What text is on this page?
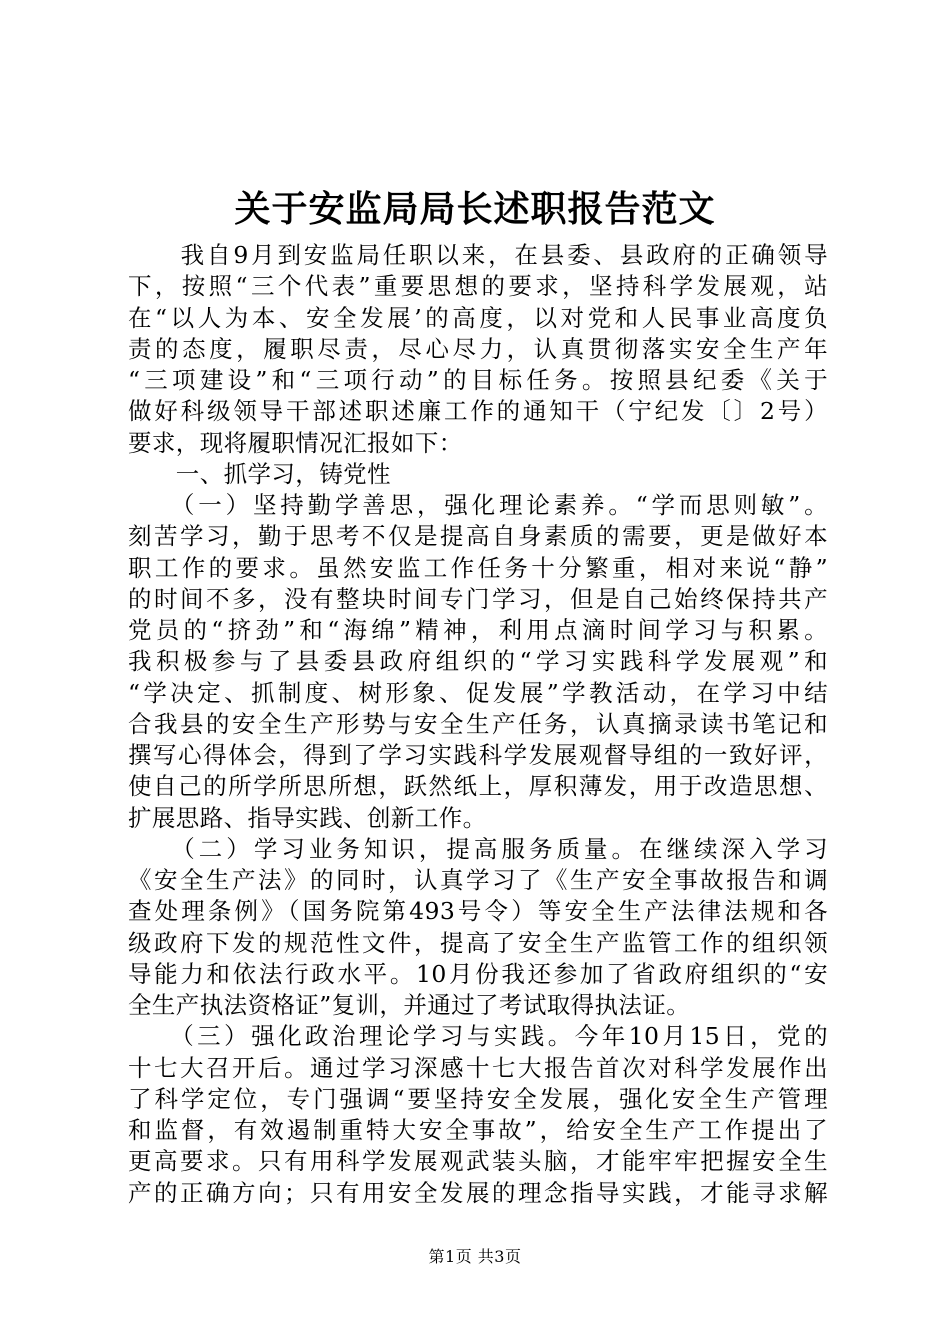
关于安监局局长述职报告范文
　　我自9月到安监局任职以来，在县委、县政府的正确领导
下，按照“三个代表”重要思想的要求，坚持科学发展观，站
在“以人为本、安全发展’的高度，以对党和人民事业高度负
责的态度，履职尽责，尽心尽力，认真贯彻落实安全生产年
“三项建设”和“三项行动”的目标任务。按照县纪委《关于
做好科级领导干部述职述廉工作的通知干（宁纪发〔〕2号）
要求，现将履职情况汇报如下：
　　一、抓学习，铸党性
　　（一）坚持勤学善思，强化理论素养。“学而思则敏”。
刻苦学习，勤于思考不仅是提高自身素质的需要，更是做好本
职工作的要求。虽然安监工作任务十分繁重，相对来说“静”
的时间不多，没有整块时间专门学习，但是自己始终保持共产
党员的“挤劲”和“海绵”精神，利用点滴时间学习与积累。
我积极参与了县委县政府组织的“学习实践科学发展观”和
“学决定、抓制度、树形象、促发展”学教活动，在学习中结
合我县的安全生产形势与安全生产任务，认真摘录读书笔记和
撰写心得体会，得到了学习实践科学发展观督导组的一致好评，
使自己的所学所思所想，跃然纸上，厚积薄发，用于改造思想、
扩展思路、指导实践、创新工作。
　　（二）学习业务知识，提高服务质量。在继续深入学习
《安全生产法》的同时，认真学习了《生产安全事故报告和调
查处理条例》（国务院第493号令）等安全生产法律法规和各
级政府下发的规范性文件，提高了安全生产监管工作的组织领
导能力和依法行政水平。10月份我还参加了省政府组织的“安
全生产执法资格证”复训，并通过了考试取得执法证。
　　（三）强化政治理论学习与实践。今年10月15日，党的
十七大召开后。通过学习深感十七大报告首次对科学发展作出
了科学定位，专门强调“要坚持安全发展，强化安全生产管理
和监督，有效遏制重特大安全事故”，给安全生产工作提出了
更高要求。只有用科学发展观武装头脑，才能牢牢把握安全生
产的正确方向；只有用安全发展的理念指导实践，才能寻求解
第1页 共3页
